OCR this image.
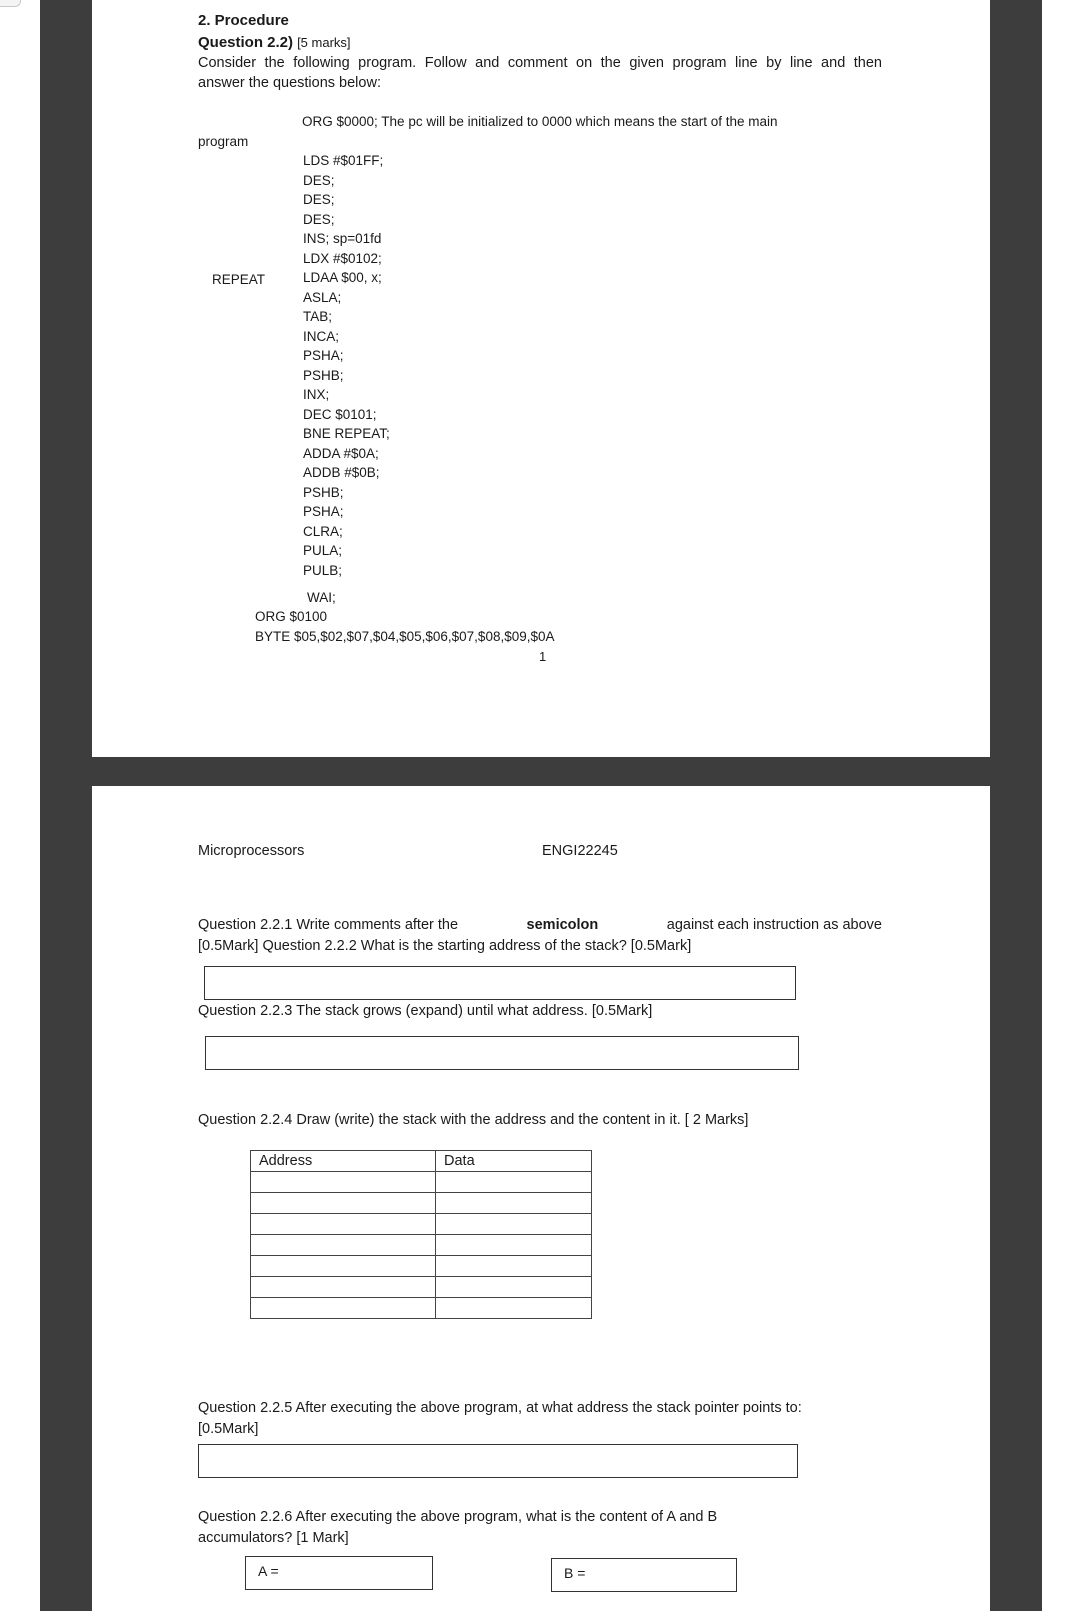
2. Procedure
Question 2.2) [5 marks]
Consider the following program. Follow and comment on the given program line by line and then
answer the questions below:
ORG $0000; The pc will be initialized to 0000 which means the start of the main
program
REPEAT
LDS #$01FF;
DES;
DES;
DES;
INS; sp=01fd
LDX #$0102;
LDAA $00, x;
ASLA;
TAB;
INCA;
PSHA;
PSHB;
INX;
DEC $0101;
BNE REPEAT;
ADDA #$0A;
ADDB #$0B;
PSHB;
PSHA;
CLRA;
PULA;
PULB;
WAI;
ORG $0100
BYTE $05,$02,$07,$04,$05,$06,$07,$08,$09,$0A
1
Microprocessors	ENGI22245
Question 2.2.1 Write comments after the	semicolon	against each instruction as above
[0.5Mark] Question 2.2.2 What is the starting address of the stack? [0.5Mark]
Question 2.2.3 The stack grows (expand) until what address. [0.5Mark]
Question 2.2.4 Draw (write) the stack with the address and the content in it. [ 2 Marks]
Address	Data

Question 2.2.5 After executing the above program, at what address the stack pointer points to:
[0.5Mark]
Question 2.2.6 After executing the above program, what is the content of A and B
accumulators? [1 Mark]
A =	B =
